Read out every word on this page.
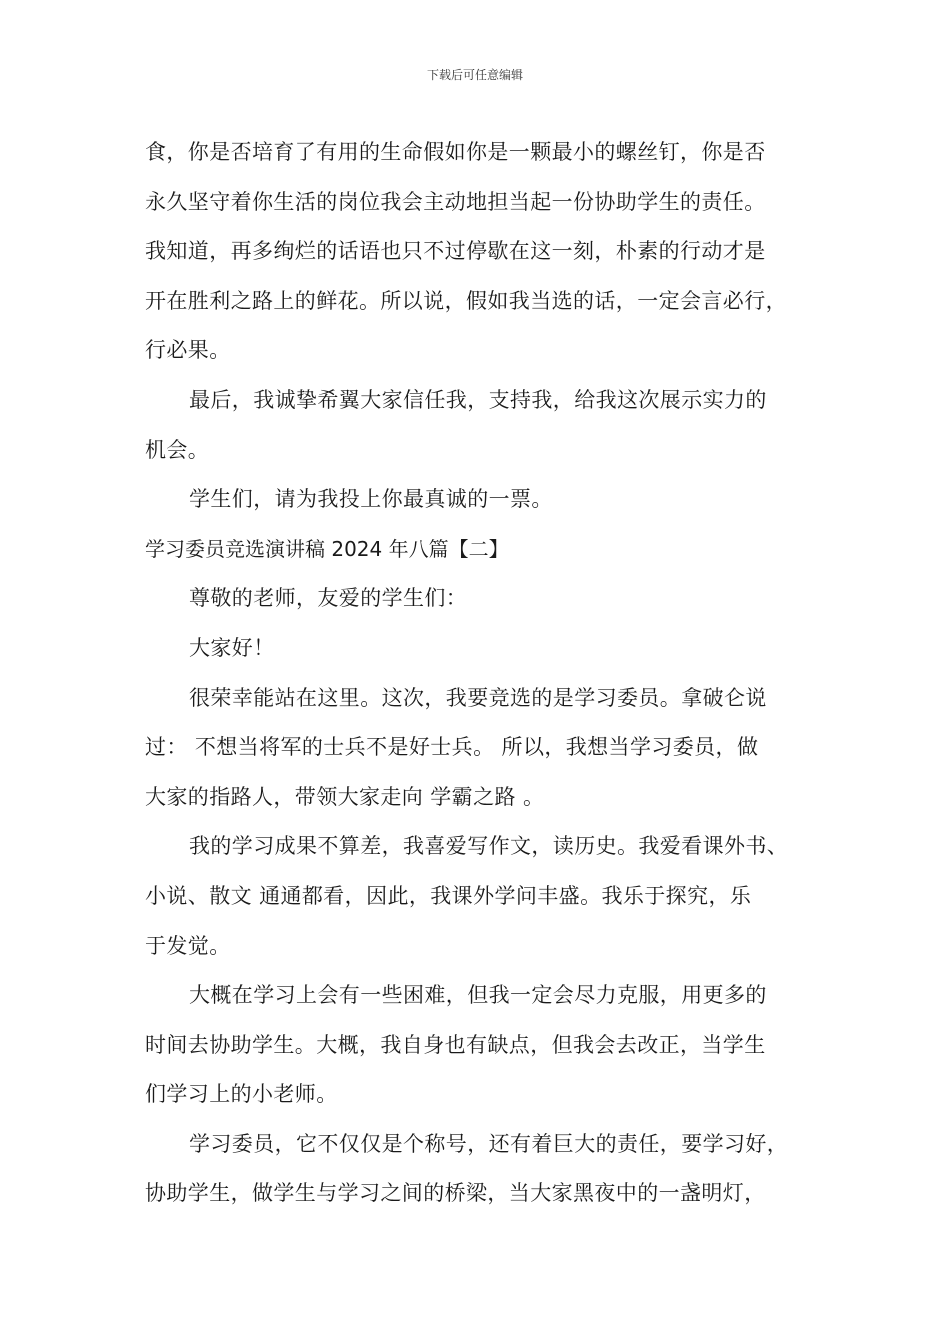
下载后可任意编辑
食，你是否培育了有用的生命假如你是一颗最小的螺丝钉，你是否
永久坚守着你生活的岗位我会主动地担当起一份协助学生的责任。
我知道，再多绚烂的话语也只不过停歇在这一刻，朴素的行动才是
开在胜利之路上的鲜花。所以说，假如我当选的话，一定会言必行，
行必果。
最后，我诚挚希翼大家信任我，支持我，给我这次展示实力的
机会。
学生们，请为我投上你最真诚的一票。
学习委员竞选演讲稿 2024 年八篇【二】
尊敬的老师，友爱的学生们：
大家好！
很荣幸能站在这里。这次，我要竞选的是学习委员。拿破仑说
过： 不想当将军的士兵不是好士兵。 所以，我想当学习委员，做
大家的指路人，带领大家走向 学霸之路 。
我的学习成果不算差，我喜爱写作文，读历史。我爱看课外书、
小说、散文 通通都看，因此，我课外学问丰盛。我乐于探究，乐
于发觉。
大概在学习上会有一些困难，但我一定会尽力克服，用更多的
时间去协助学生。大概，我自身也有缺点，但我会去改正，当学生
们学习上的小老师。
学习委员，它不仅仅是个称号，还有着巨大的责任，要学习好，
协助学生，做学生与学习之间的桥梁，当大家黑夜中的一盏明灯，
